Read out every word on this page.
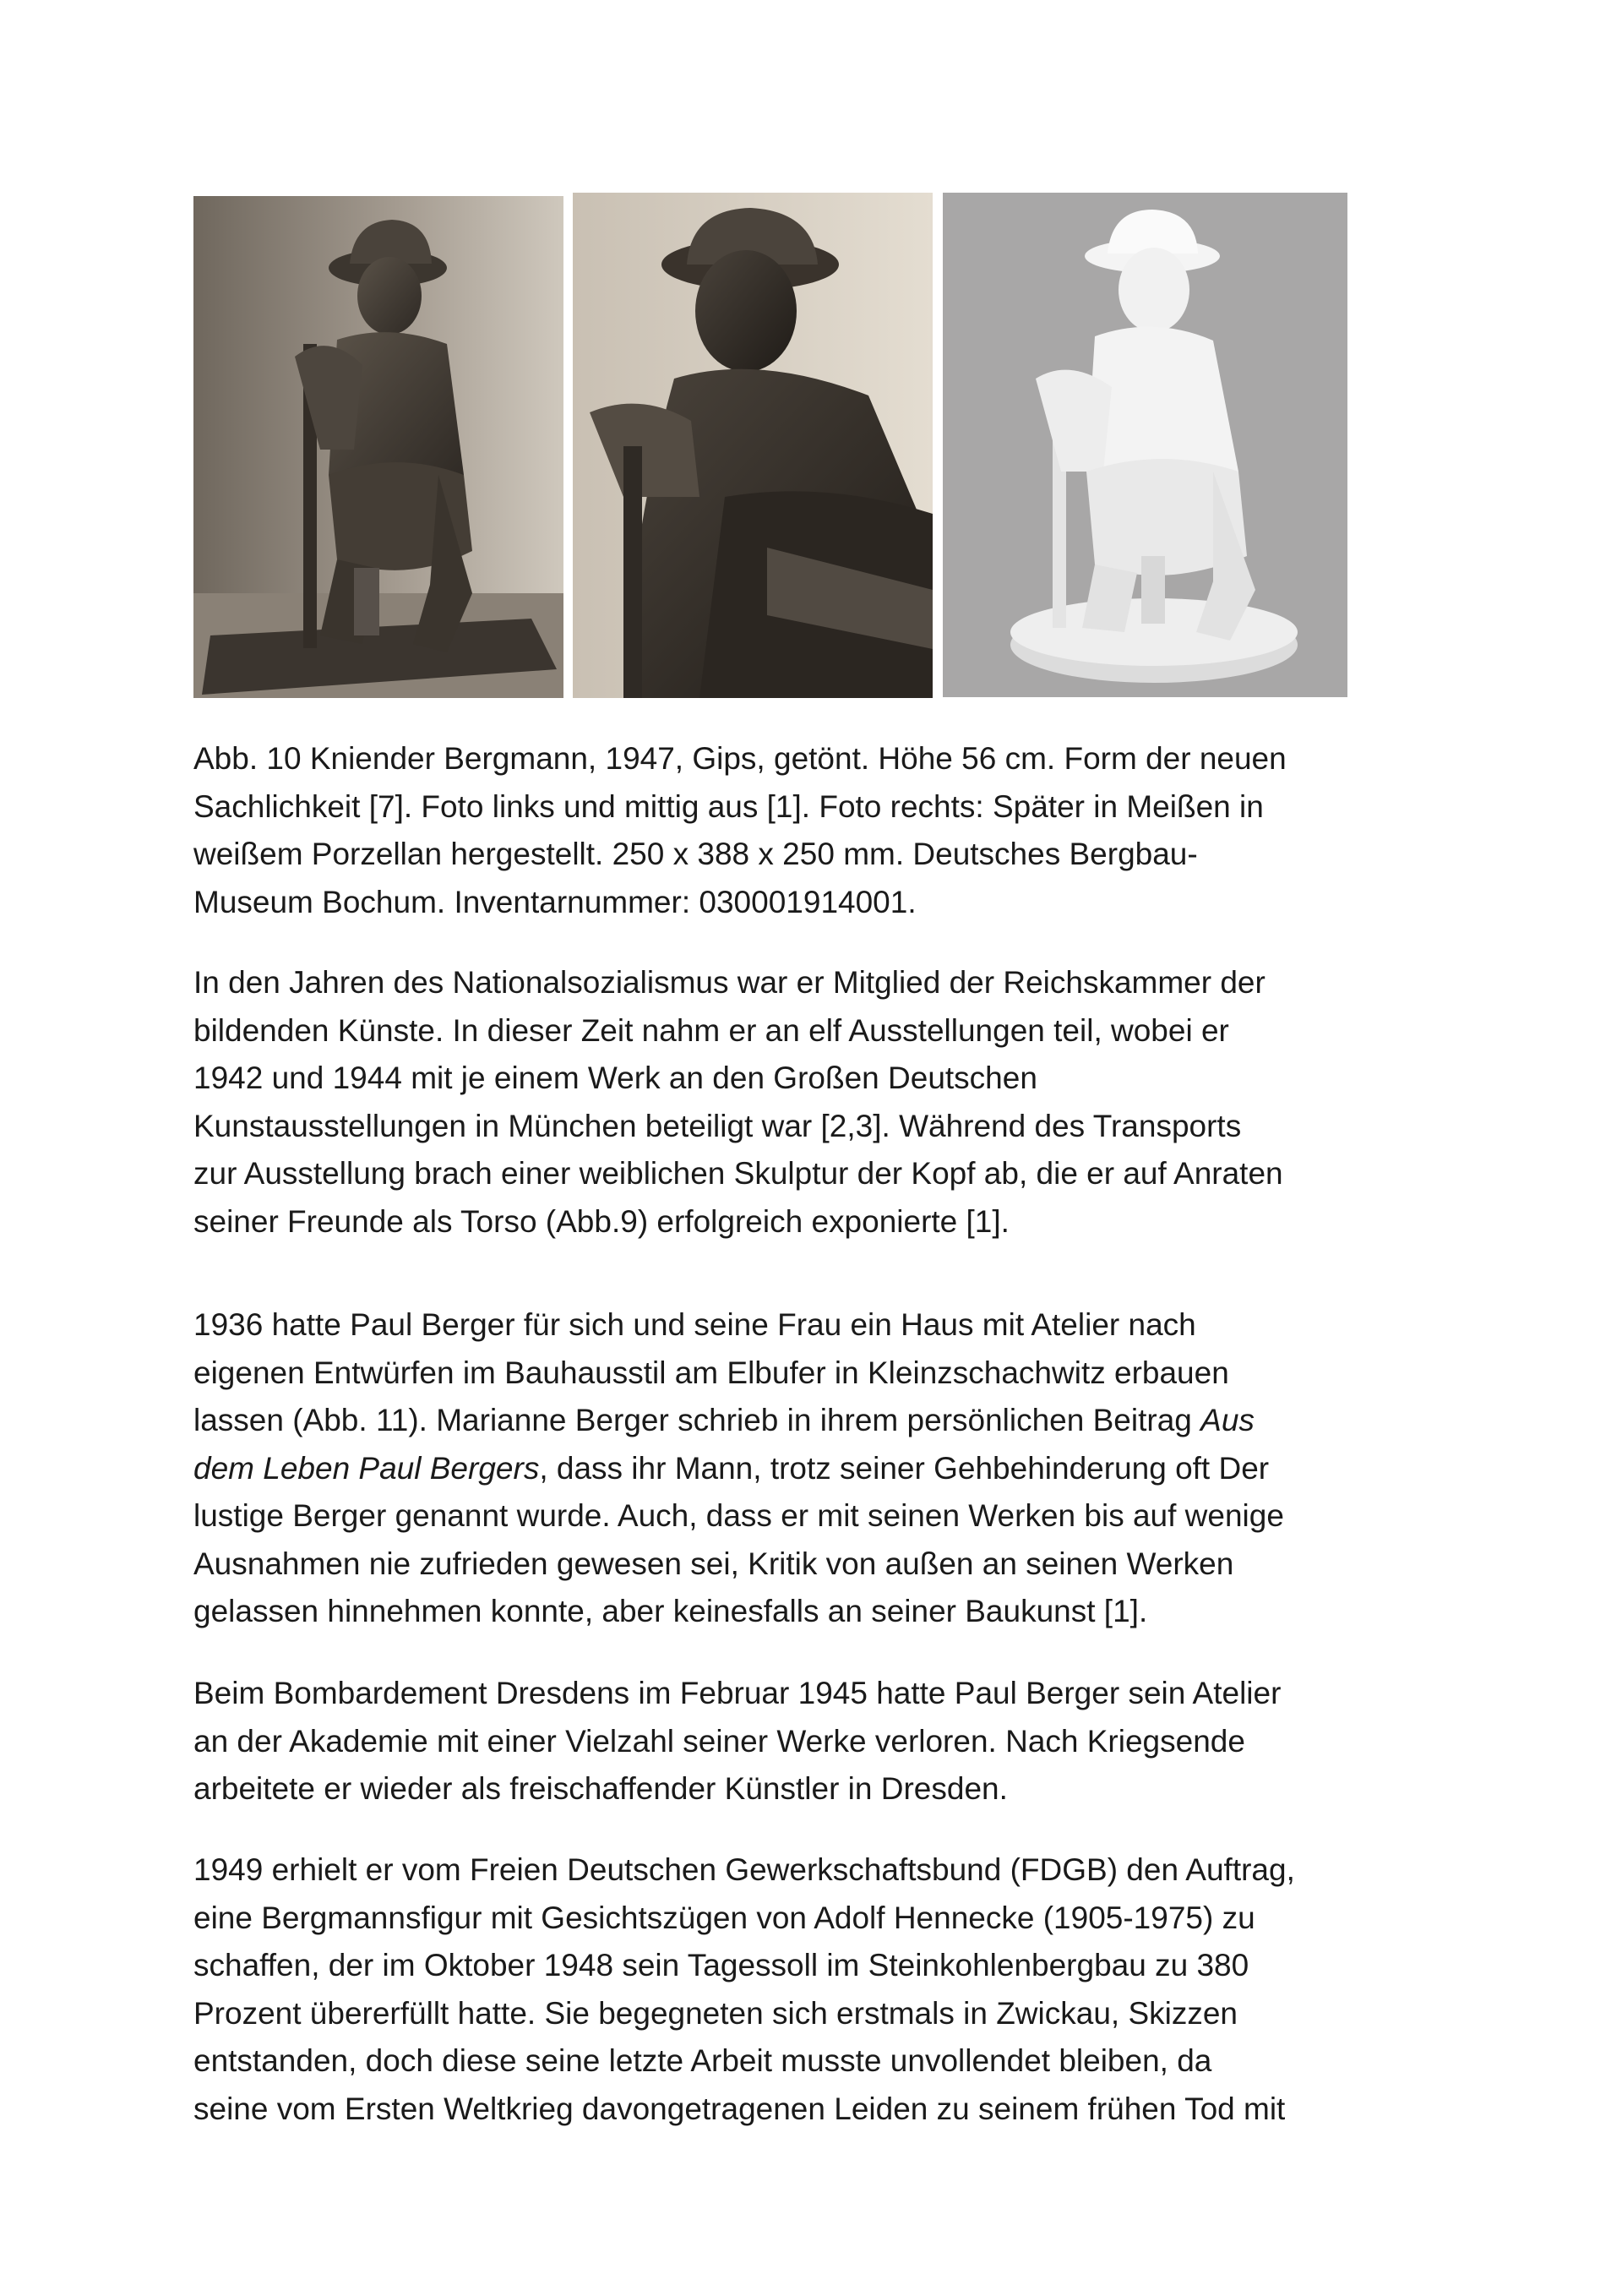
Abb. 10 Kniender Bergmann, 1947, Gips, getönt. Höhe 56 cm. Form der neuen
Sachlichkeit [7]. Foto links und mittig aus [1]. Foto rechts: Später in Meißen in
weißem Porzellan hergestellt. 250 x 388 x 250 mm. Deutsches Bergbau-
Museum Bochum. Inventarnummer: 030001914001.

In den Jahren des Nationalsozialismus war er Mitglied der Reichskammer der
bildenden Künste. In dieser Zeit nahm er an elf Ausstellungen teil, wobei er
1942 und 1944 mit je einem Werk an den Großen Deutschen
Kunstausstellungen in München beteiligt war [2,3]. Während des Transports
zur Ausstellung brach einer weiblichen Skulptur der Kopf ab, die er auf Anraten
seiner Freunde als Torso (Abb.9) erfolgreich exponierte [1].

1936 hatte Paul Berger für sich und seine Frau ein Haus mit Atelier nach
eigenen Entwürfen im Bauhausstil am Elbufer in Kleinzschachwitz erbauen
lassen (Abb. 11). Marianne Berger schrieb in ihrem persönlichen Beitrag Aus
dem Leben Paul Bergers, dass ihr Mann, trotz seiner Gehbehinderung oft Der
lustige Berger genannt wurde. Auch, dass er mit seinen Werken bis auf wenige
Ausnahmen nie zufrieden gewesen sei, Kritik von außen an seinen Werken
gelassen hinnehmen konnte, aber keinesfalls an seiner Baukunst [1].

Beim Bombardement Dresdens im Februar 1945 hatte Paul Berger sein Atelier
an der Akademie mit einer Vielzahl seiner Werke verloren. Nach Kriegsende
arbeitete er wieder als freischaffender Künstler in Dresden.

1949 erhielt er vom Freien Deutschen Gewerkschaftsbund (FDGB) den Auftrag,
eine Bergmannsfigur mit Gesichtszügen von Adolf Hennecke (1905-1975) zu
schaffen, der im Oktober 1948 sein Tagessoll im Steinkohlenbergbau zu 380
Prozent übererfüllt hatte. Sie begegneten sich erstmals in Zwickau, Skizzen
entstanden, doch diese seine letzte Arbeit musste unvollendet bleiben, da
seine vom Ersten Weltkrieg davongetragenen Leiden zu seinem frühen Tod mit
